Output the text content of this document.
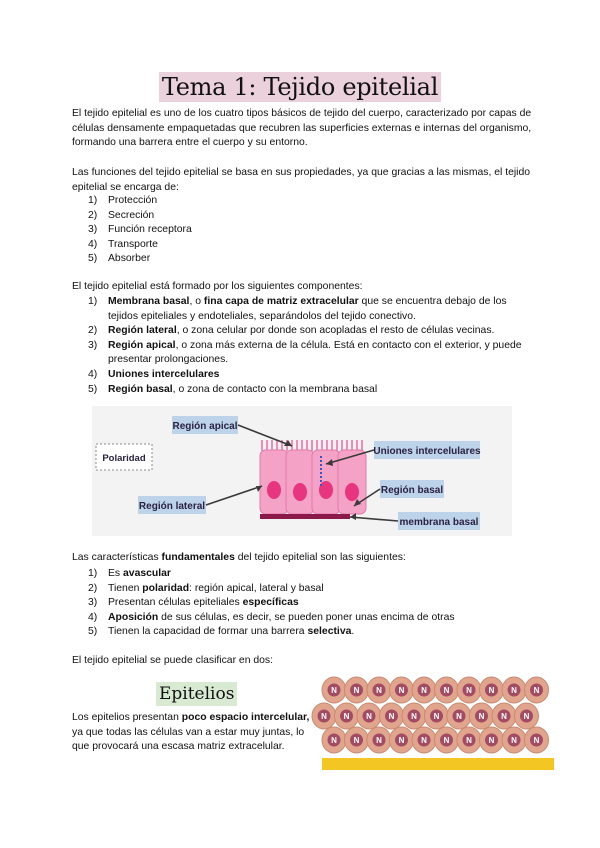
Tema 1: Tejido epitelial

El tejido epitelial es uno de los cuatro tipos básicos de tejido del cuerpo, caracterizado por capas de células densamente empaquetadas que recubren las superficies externas e internas del organismo, formando una barrera entre el cuerpo y su entorno.

Las funciones del tejido epitelial se basa en sus propiedades, ya que gracias a las mismas, el tejido epitelial se encarga de:

1) Protección
2) Secreción
3) Función receptora
4) Transporte
5) Absorber

El tejido epitelial está formado por los siguientes componentes:

1) Membrana basal, o fina capa de matriz extracelular que se encuentra debajo de los tejidos epiteliales y endoteliales, separándolos del tejido conectivo.
2) Región lateral, o zona celular por donde son acopladas el resto de células vecinas.
3) Región apical, o zona más externa de la célula. Está en contacto con el exterior, y puede presentar prolongaciones.
4) Uniones intercelulares
5) Región basal, o zona de contacto con la membrana basal
Polaridad
Región apical
Uniones intercelulares
Región basal
Región lateral
membrana basal

Las características fundamentales del tejido epitelial son las siguientes:

1) Es avascular
2) Tienen polaridad: región apical, lateral y basal
3) Presentan células epiteliales específicas
4) Aposición de sus células, es decir, se pueden poner unas encima de otras
5) Tienen la capacidad de formar una barrera selectiva.

El tejido epitelial se puede clasificar en dos:

Epitelios

Los epitelios presentan poco espacio intercelular, ya que todas las células van a estar muy juntas, lo que provocará una escasa matriz extracelular.

N N N N N N N N N N
N N N N N N N N N N
N N N N N N N N N N
